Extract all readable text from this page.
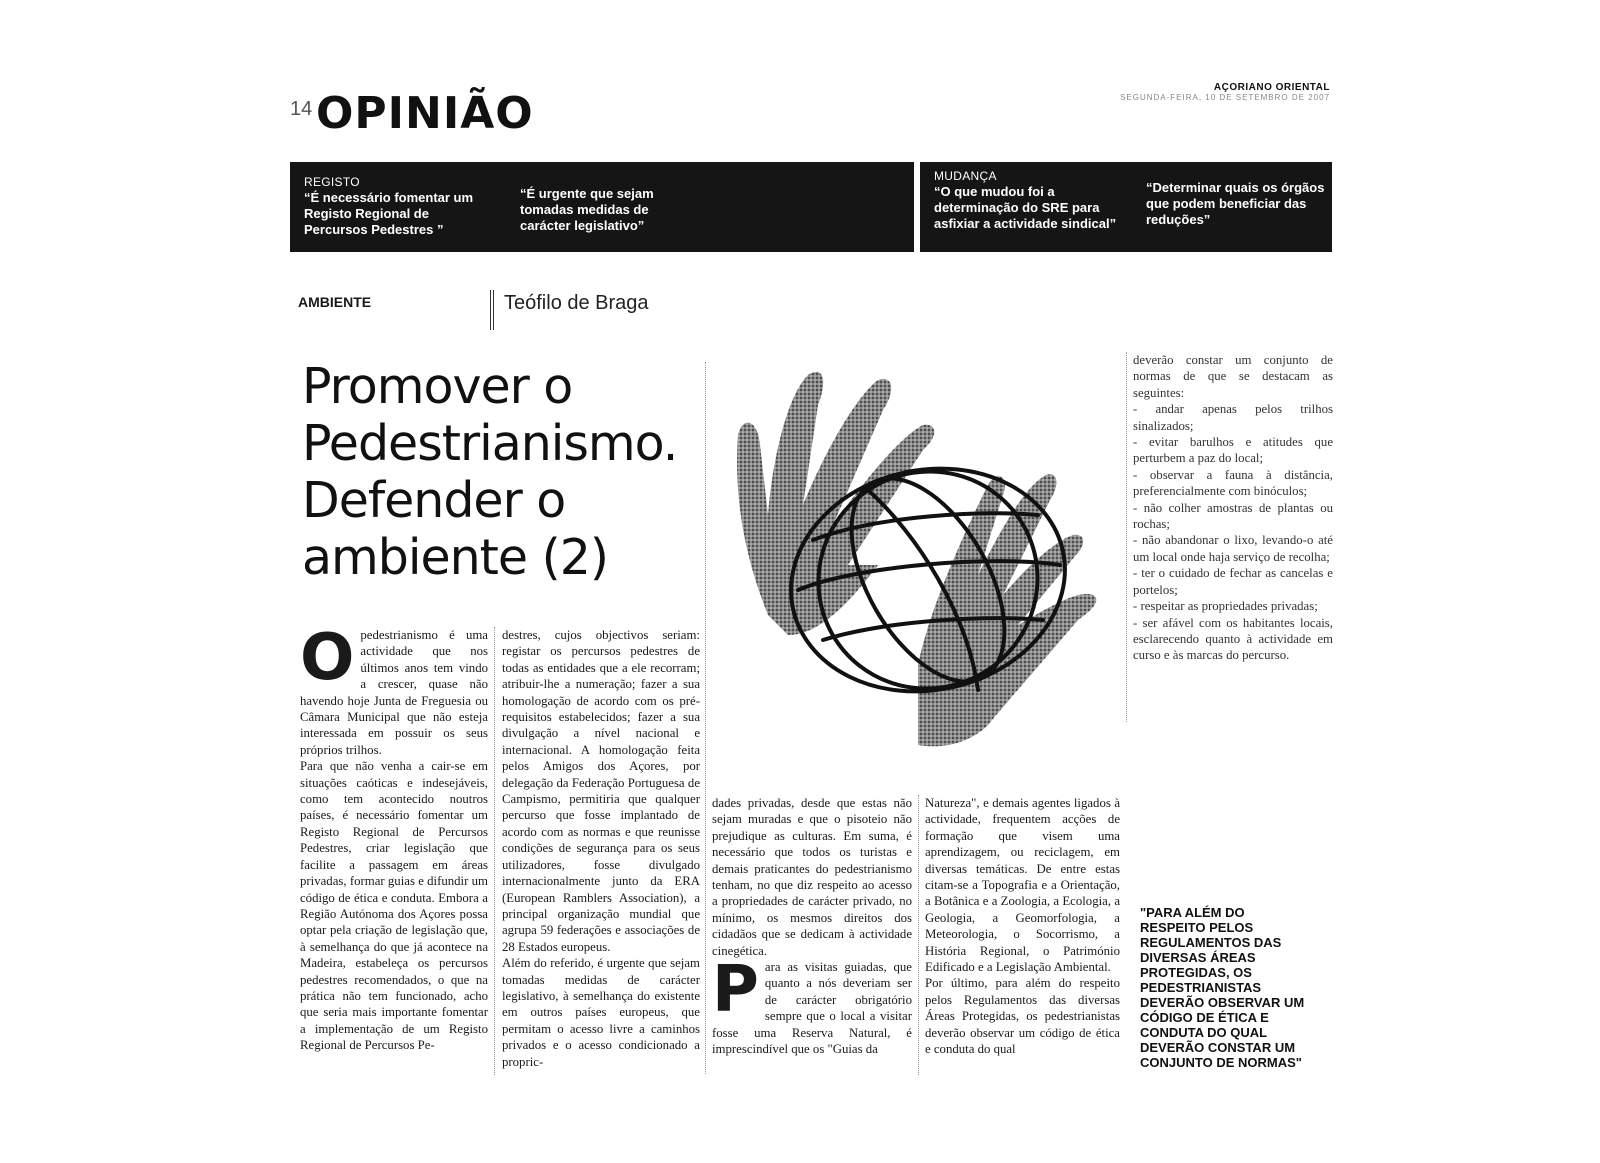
14 OPINIÃO
AÇORIANO ORIENTAL
SEGUNDA-FEIRA, 10 DE SETEMBRO DE 2007
REGISTO
“É necessário fomentar um Registo Regional de Percursos Pedestres ”
“É urgente que sejam tomadas medidas de carácter legislativo”
MUDANÇA
“O que mudou foi a determinação do SRE para asfixiar a actividade sindical”
“Determinar quais os órgãos que podem beneficiar das reduções”
AMBIENTE	Teófilo de Braga
Promover o Pedestrianismo. Defender o ambiente (2)

Opedestrianismo é uma actividade que nos últimos anos tem vindo a crescer, quase não havendo hoje Junta de Freguesia ou Câmara Municipal que não esteja interessada em possuir os seus próprios trilhos.

Para que não venha a cair-se em situações caóticas e indesejáveis, como tem acontecido noutros países, é necessário fomentar um Registo Regional de Percursos Pedestres, criar legislação que facilite a passagem em áreas privadas, formar guias e difundir um código de ética e conduta. Embora a Região Autónoma dos Açores possa optar pela criação de legislação que, à semelhança do que já acontece na Madeira, estabeleça os percursos pedestres recomendados, o que na prática não tem funcionado, acho que seria mais importante fomentar a implementação de um Registo Regional de Percursos Pe-

destres, cujos objectivos seriam: registar os percursos pedestres de todas as entidades que a ele recorram; atribuir-lhe a numeração; fazer a sua homologação de acordo com os pré-requisitos estabelecidos; fazer a sua divulgação a nível nacional e internacional. A homologação feita pelos Amigos dos Açores, por delegação da Federação Portuguesa de Campismo, permitiria que qualquer percurso que fosse implantado de acordo com as normas e que reunisse condições de segurança para os seus utilizadores, fosse divulgado internacionalmente junto da ERA (European Ramblers Association), a principal organização mundial que agrupa 59 federações e associações de 28 Estados europeus.

Além do referido, é urgente que sejam tomadas medidas de carácter legislativo, à semelhança do existente em outros países europeus, que permitam o acesso livre a caminhos privados e o acesso condicionado a propric-

dades privadas, desde que estas não sejam muradas e que o pisoteio não prejudique as culturas. Em suma, é necessário que todos os turistas e demais praticantes do pedestrianismo tenham, no que diz respeito ao acesso a propriedades de carácter privado, no mínimo, os mesmos direitos dos cidadãos que se dedicam à actividade cinegética.

Para as visitas guiadas, que quanto a nós deveriam ser de carácter obrigatório sempre que o local a visitar fosse uma Reserva Natural, é imprescindível que os "Guias da

Natureza", e demais agentes ligados à actividade, frequentem acções de formação que visem uma aprendizagem, ou reciclagem, em diversas temáticas. De entre estas citam-se a Topografia e a Orientação, a Botânica e a Zoologia, a Ecologia, a Geologia, a Geomorfologia, a Meteorologia, o Socorrismo, a História Regional, o Património Edificado e a Legislação Ambiental.

Por último, para além do respeito pelos Regulamentos das diversas Áreas Protegidas, os pedestrianistas deverão observar um código de ética e conduta do qual

deverão constar um conjunto de normas de que se destacam as seguintes:

- andar apenas pelos trilhos sinalizados;

- evitar barulhos e atitudes que perturbem a paz do local;

- observar a fauna à distância, preferencialmente com binóculos;

- não colher amostras de plantas ou rochas;

- não abandonar o lixo, levando-o até um local onde haja serviço de recolha;

- ter o cuidado de fechar as cancelas e portelos;

- respeitar as propriedades privadas;

- ser afável com os habitantes locais, esclarecendo quanto à actividade em curso e às marcas do percurso.

"PARA ALÉM DO RESPEITO PELOS REGULAMENTOS DAS DIVERSAS ÁREAS PROTEGIDAS, OS PEDESTRIANISTAS DEVERÃO OBSERVAR UM CÓDIGO DE ÉTICA E CONDUTA DO QUAL DEVERÃO CONSTAR UM CONJUNTO DE NORMAS"
